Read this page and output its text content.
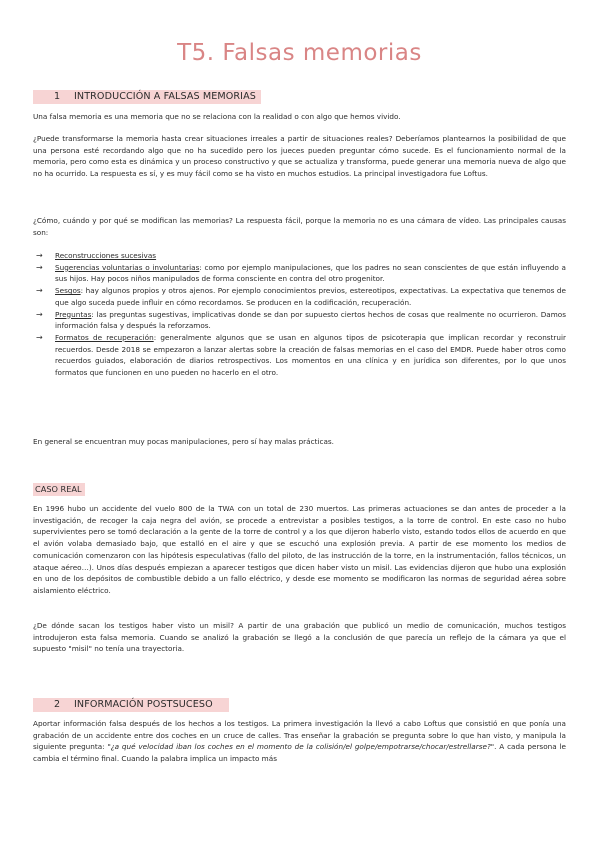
T5. Falsas memorias
1 INTRODUCCIÓN A FALSAS MEMORIAS
Una falsa memoria es una memoria que no se relaciona con la realidad o con algo que hemos vivido.
¿Puede transformarse la memoria hasta crear situaciones irreales a partir de situaciones reales? Deberíamos plantearnos la posibilidad de que una persona esté recordando algo que no ha sucedido pero los jueces pueden preguntar cómo sucede. Es el funcionamiento normal de la memoria, pero como esta es dinámica y un proceso constructivo y que se actualiza y transforma, puede generar una memoria nueva de algo que no ha ocurrido. La respuesta es sí, y es muy fácil como se ha visto en muchos estudios. La principal investigadora fue Loftus.
¿Cómo, cuándo y por qué se modifican las memorias? La respuesta fácil, porque la memoria no es una cámara de vídeo. Las principales causas son:
→ Reconstrucciones sucesivas
→ Sugerencias voluntarias o involuntarias: como por ejemplo manipulaciones, que los padres no sean conscientes de que están influyendo a sus hijos. Hay pocos niños manipulados de forma consciente en contra del otro progenitor.
→ Sesgos: hay algunos propios y otros ajenos. Por ejemplo conocimientos previos, estereotipos, expectativas. La expectativa que tenemos de que algo suceda puede influir en cómo recordamos. Se producen en la codificación, recuperación.
→ Preguntas: las preguntas sugestivas, implicativas donde se dan por supuesto ciertos hechos de cosas que realmente no ocurrieron. Damos información falsa y después la reforzamos.
→ Formatos de recuperación: generalmente algunos que se usan en algunos tipos de psicoterapia que implican recordar y reconstruir recuerdos. Desde 2018 se empezaron a lanzar alertas sobre la creación de falsas memorias en el caso del EMDR. Puede haber otros como recuerdos guiados, elaboración de diarios retrospectivos. Los momentos en una clínica y en jurídica son diferentes, por lo que unos formatos que funcionen en uno pueden no hacerlo en el otro.
En general se encuentran muy pocas manipulaciones, pero sí hay malas prácticas.
CASO REAL
En 1996 hubo un accidente del vuelo 800 de la TWA con un total de 230 muertos. Las primeras actuaciones se dan antes de proceder a la investigación, de recoger la caja negra del avión, se procede a entrevistar a posibles testigos, a la torre de control. En este caso no hubo supervivientes pero se tomó declaración a la gente de la torre de control y a los que dijeron haberlo visto, estando todos ellos de acuerdo en que el avión volaba demasiado bajo, que estalló en el aire y que se escuchó una explosión previa. A partir de ese momento los medios de comunicación comenzaron con las hipótesis especulativas (fallo del piloto, de las instrucción de la torre, en la instrumentación, fallos técnicos, un ataque aéreo…). Unos días después empiezan a aparecer testigos que dicen haber visto un misil. Las evidencias dijeron que hubo una explosión en uno de los depósitos de combustible debido a un fallo eléctrico, y desde ese momento se modificaron las normas de seguridad aérea sobre aislamiento eléctrico.
¿De dónde sacan los testigos haber visto un misil? A partir de una grabación que publicó un medio de comunicación, muchos testigos introdujeron esta falsa memoria. Cuando se analizó la grabación se llegó a la conclusión de que parecía un reflejo de la cámara ya que el supuesto "misil" no tenía una trayectoria.
2 INFORMACIÓN POSTSUCESO
Aportar información falsa después de los hechos a los testigos. La primera investigación la llevó a cabo Loftus que consistió en que ponía una grabación de un accidente entre dos coches en un cruce de calles. Tras enseñar la grabación se pregunta sobre lo que han visto, y manipula la siguiente pregunta: "¿a qué velocidad iban los coches en el momento de la colisión/el golpe/empotrarse/chocar/estrellarse?". A cada persona le cambia el término final. Cuando la palabra implica un impacto más
